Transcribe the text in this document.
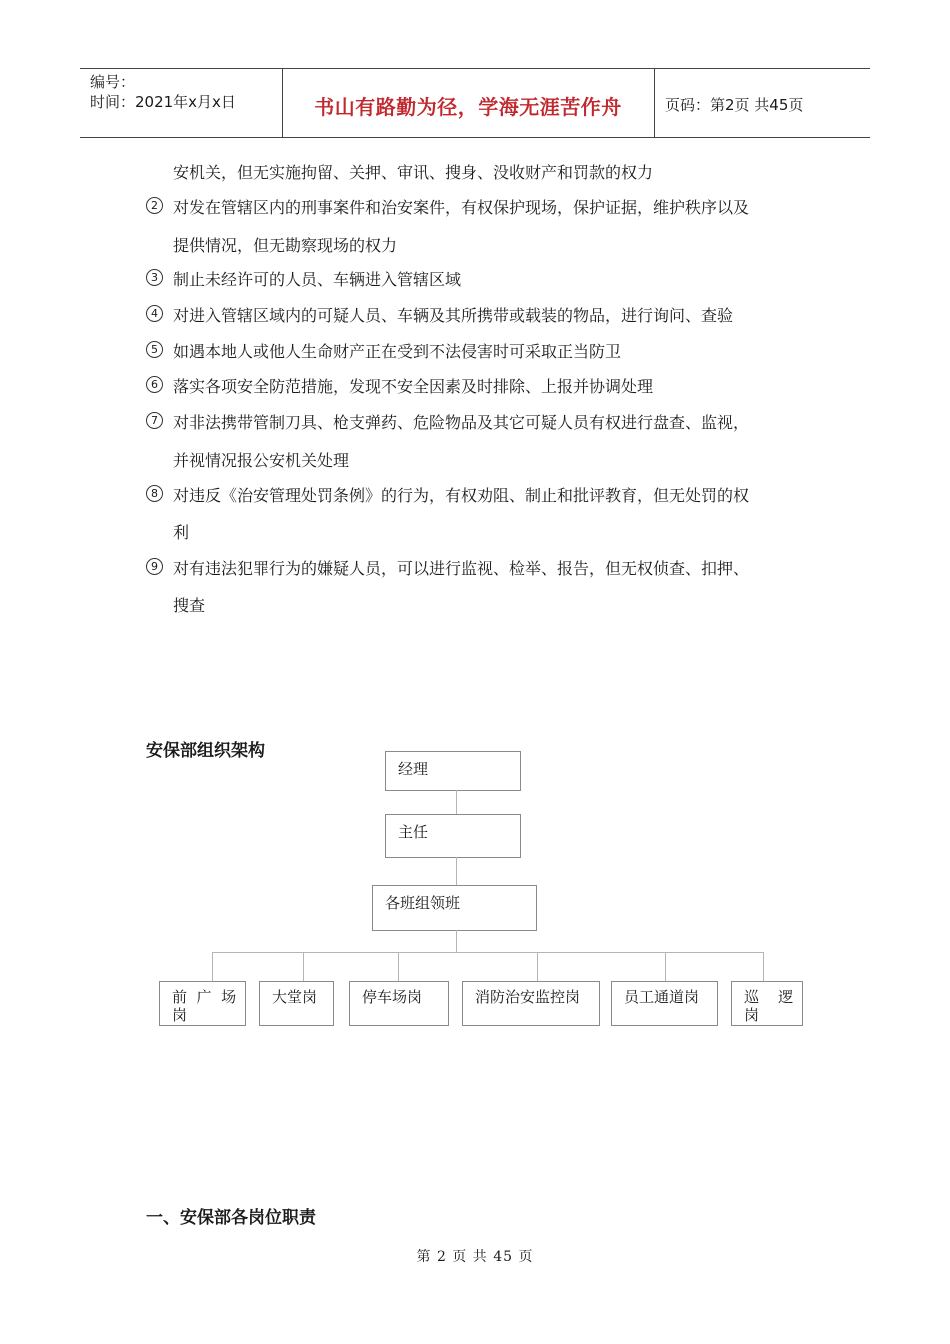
编号：
时间：2021年x月x日	书山有路勤为径，学海无涯苦作舟	页码：第2页 共45页
安机关，但无实施拘留、关押、审讯、搜身、没收财产和罚款的权力
2 对发在管辖区内的刑事案件和治安案件，有权保护现场，保护证据，维护秩序以及
提供情况，但无勘察现场的权力
3 制止未经许可的人员、车辆进入管辖区域
4 对进入管辖区域内的可疑人员、车辆及其所携带或载装的物品，进行询问、查验
5 如遇本地人或他人生命财产正在受到不法侵害时可采取正当防卫
6 落实各项安全防范措施，发现不安全因素及时排除、上报并协调处理
7 对非法携带管制刀具、枪支弹药、危险物品及其它可疑人员有权进行盘查、监视，
并视情况报公安机关处理
8 对违反《治安管理处罚条例》的行为，有权劝阻、制止和批评教育，但无处罚的权
利
9 对有违法犯罪行为的嫌疑人员，可以进行监视、检举、报告，但无权侦查、扣押、
搜查
安保部组织架构
经理
主任
各班组领班
前  广  场
岗
大堂岗	停车场岗	消防治安监控岗	员工通道岗	巡    逻
岗
一、安保部各岗位职责
第 2 页 共 45 页
